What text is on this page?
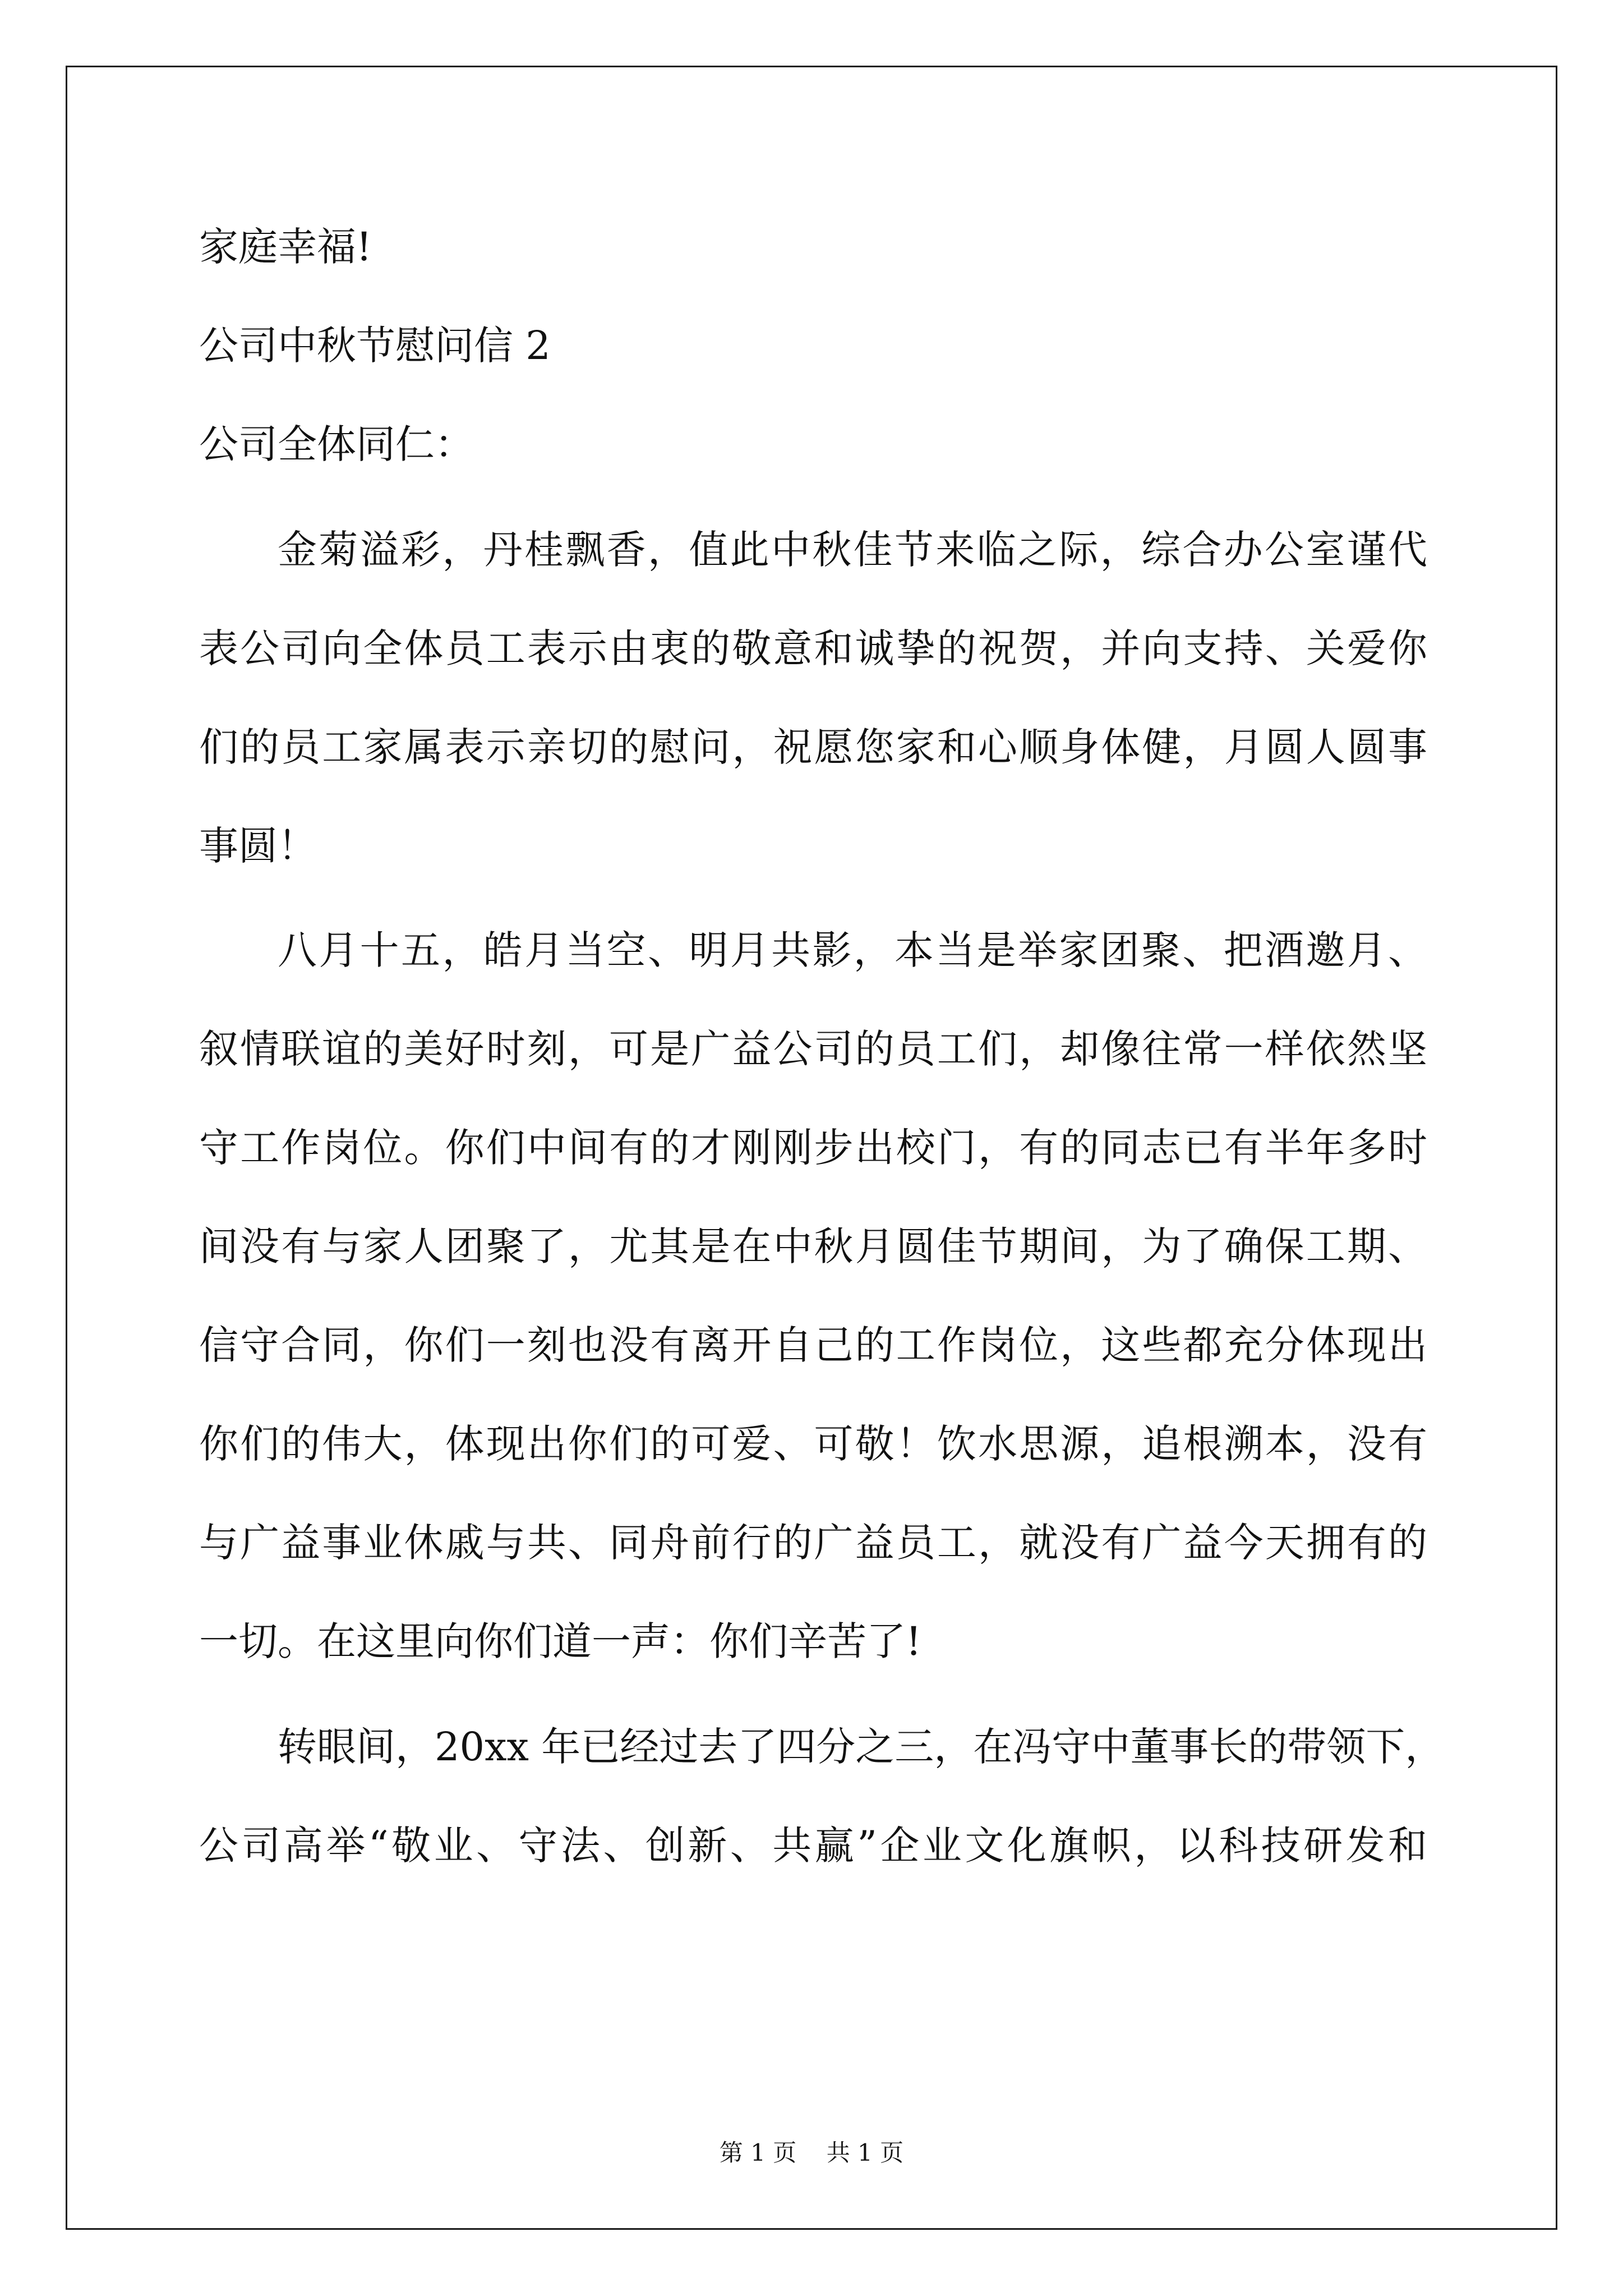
家庭幸福!
公司中秋节慰问信 2
公司全体同仁：
金菊溢彩，丹桂飘香，值此中秋佳节来临之际，综合办公室谨代
表公司向全体员工表示由衷的敬意和诚挚的祝贺，并向支持、关爱你
们的员工家属表示亲切的慰问，祝愿您家和心顺身体健，月圆人圆事
事圆！
八月十五，皓月当空、明月共影，本当是举家团聚、把酒邀月、
叙情联谊的美好时刻，可是广益公司的员工们，却像往常一样依然坚
守工作岗位。你们中间有的才刚刚步出校门，有的同志已有半年多时
间没有与家人团聚了，尤其是在中秋月圆佳节期间，为了确保工期、
信守合同，你们一刻也没有离开自己的工作岗位，这些都充分体现出
你们的伟大，体现出你们的可爱、可敬！饮水思源，追根溯本，没有
与广益事业休戚与共、同舟前行的广益员工，就没有广益今天拥有的
一切。在这里向你们道一声：你们辛苦了!
转眼间，20xx 年已经过去了四分之三，在冯守中董事长的带领下，
公司高举“敬业、守法、创新、共赢”企业文化旗帜，以科技研发和
第 1 页    共 1 页
